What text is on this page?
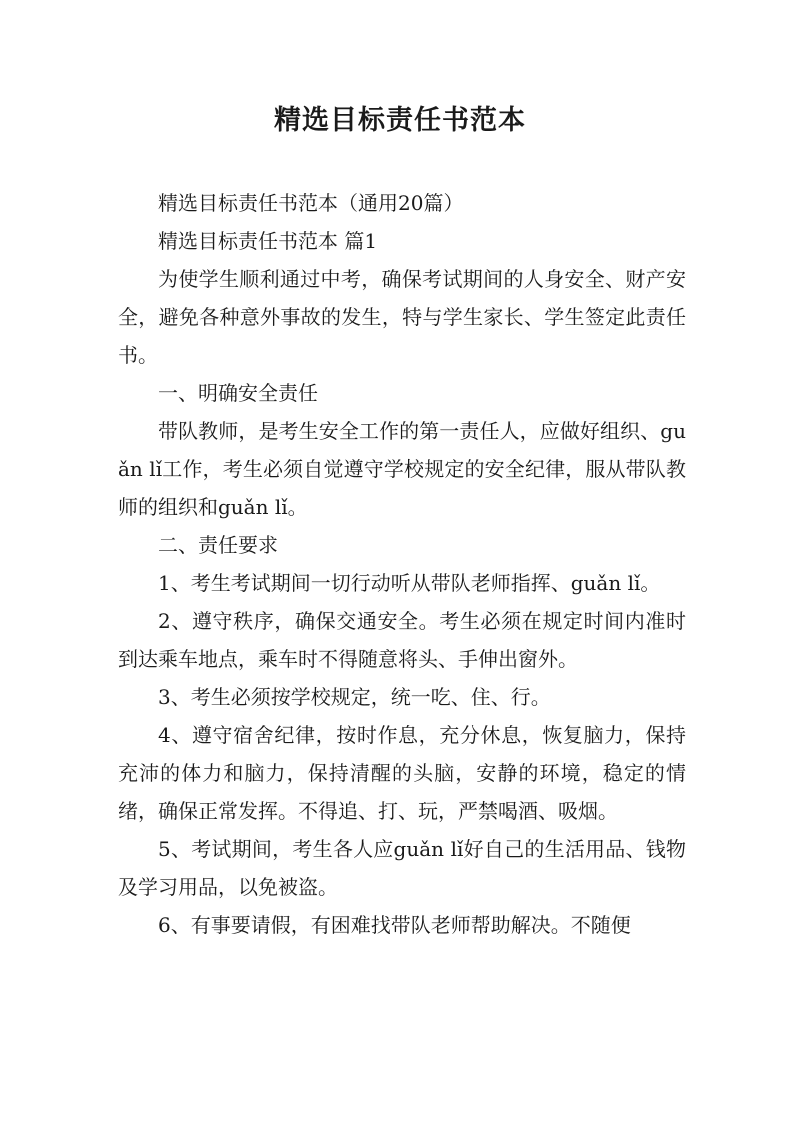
精选目标责任书范本

精选目标责任书范本（通用20篇）

精选目标责任书范本 篇1

为使学生顺利通过中考，确保考试期间的人身安全、财产安全，避免各种意外事故的发生，特与学生家长、学生签定此责任书。

一、明确安全责任

带队教师，是考生安全工作的第一责任人，应做好组织、guǎn lǐ工作，考生必须自觉遵守学校规定的安全纪律，服从带队教师的组织和guǎn lǐ。

二、责任要求

1、考生考试期间一切行动听从带队老师指挥、guǎn lǐ。

2、遵守秩序，确保交通安全。考生必须在规定时间内准时到达乘车地点，乘车时不得随意将头、手伸出窗外。

3、考生必须按学校规定，统一吃、住、行。

4、遵守宿舍纪律，按时作息，充分休息，恢复脑力，保持充沛的体力和脑力，保持清醒的头脑，安静的环境，稳定的情绪，确保正常发挥。不得追、打、玩，严禁喝酒、吸烟。

5、考试期间，考生各人应guǎn lǐ好自己的生活用品、钱物及学习用品，以免被盗。

6、有事要请假，有困难找带队老师帮助解决。不随便
